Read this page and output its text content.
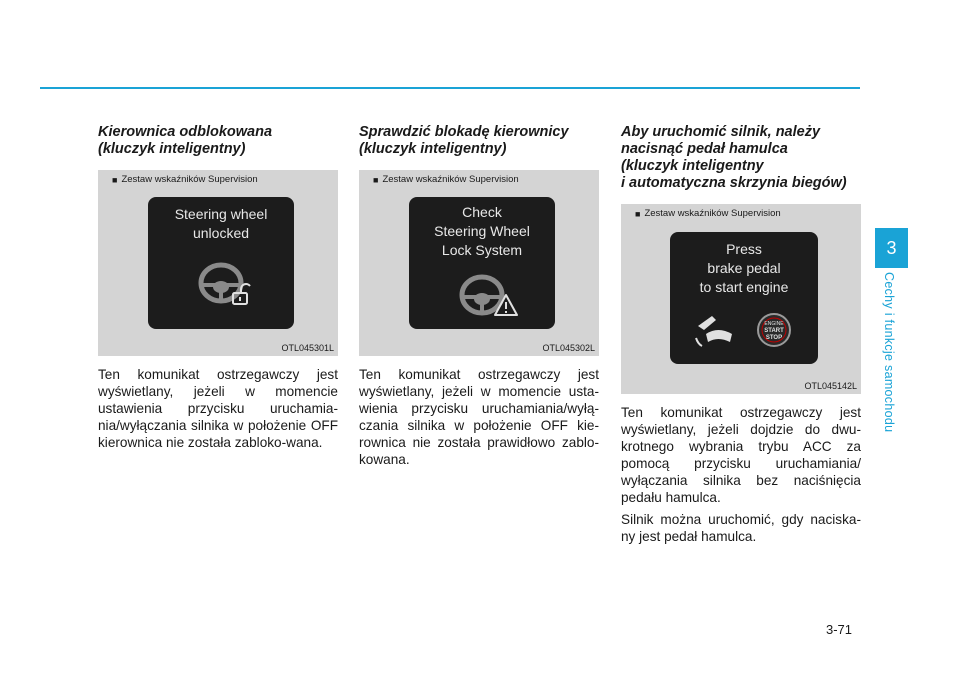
3
Cechy i funkcje samochodu
Kierownica odblokowana
(kluczyk inteligentny)
■ Zestaw wskaźników Supervision
Steering wheel
unlocked
OTL045301L

Ten komunikat ostrzegawczy jest wyświetlany, jeżeli w momencie ustawienia przycisku uruchamia-nia/wyłączania silnika w położenie OFF kierownica nie została zabloko-wana.

Sprawdzić blokadę kierownicy
(kluczyk inteligentny)
■ Zestaw wskaźników Supervision
Check
Steering Wheel
Lock System
OTL045302L

Ten komunikat ostrzegawczy jest wyświetlany, jeżeli w momencie usta-wienia przycisku uruchamiania/wyłą-czania silnika w położenie OFF kie-rownica nie została prawidłowo zablo-kowana.

Aby uruchomić silnik, należy
nacisnąć pedał hamulca
(kluczyk inteligentny
i automatyczna skrzynia biegów)
■ Zestaw wskaźników Supervision
Press
brake pedal
to start engine
ENGINE
START
STOP
OTL045142L

Ten komunikat ostrzegawczy jest wyświetlany, jeżeli dojdzie do dwu-krotnego wybrania trybu ACC za pomocą przycisku uruchamiania/ wyłączania silnika bez naciśnięcia pedału hamulca.

Silnik można uruchomić, gdy naciska-ny jest pedał hamulca.

3-71
